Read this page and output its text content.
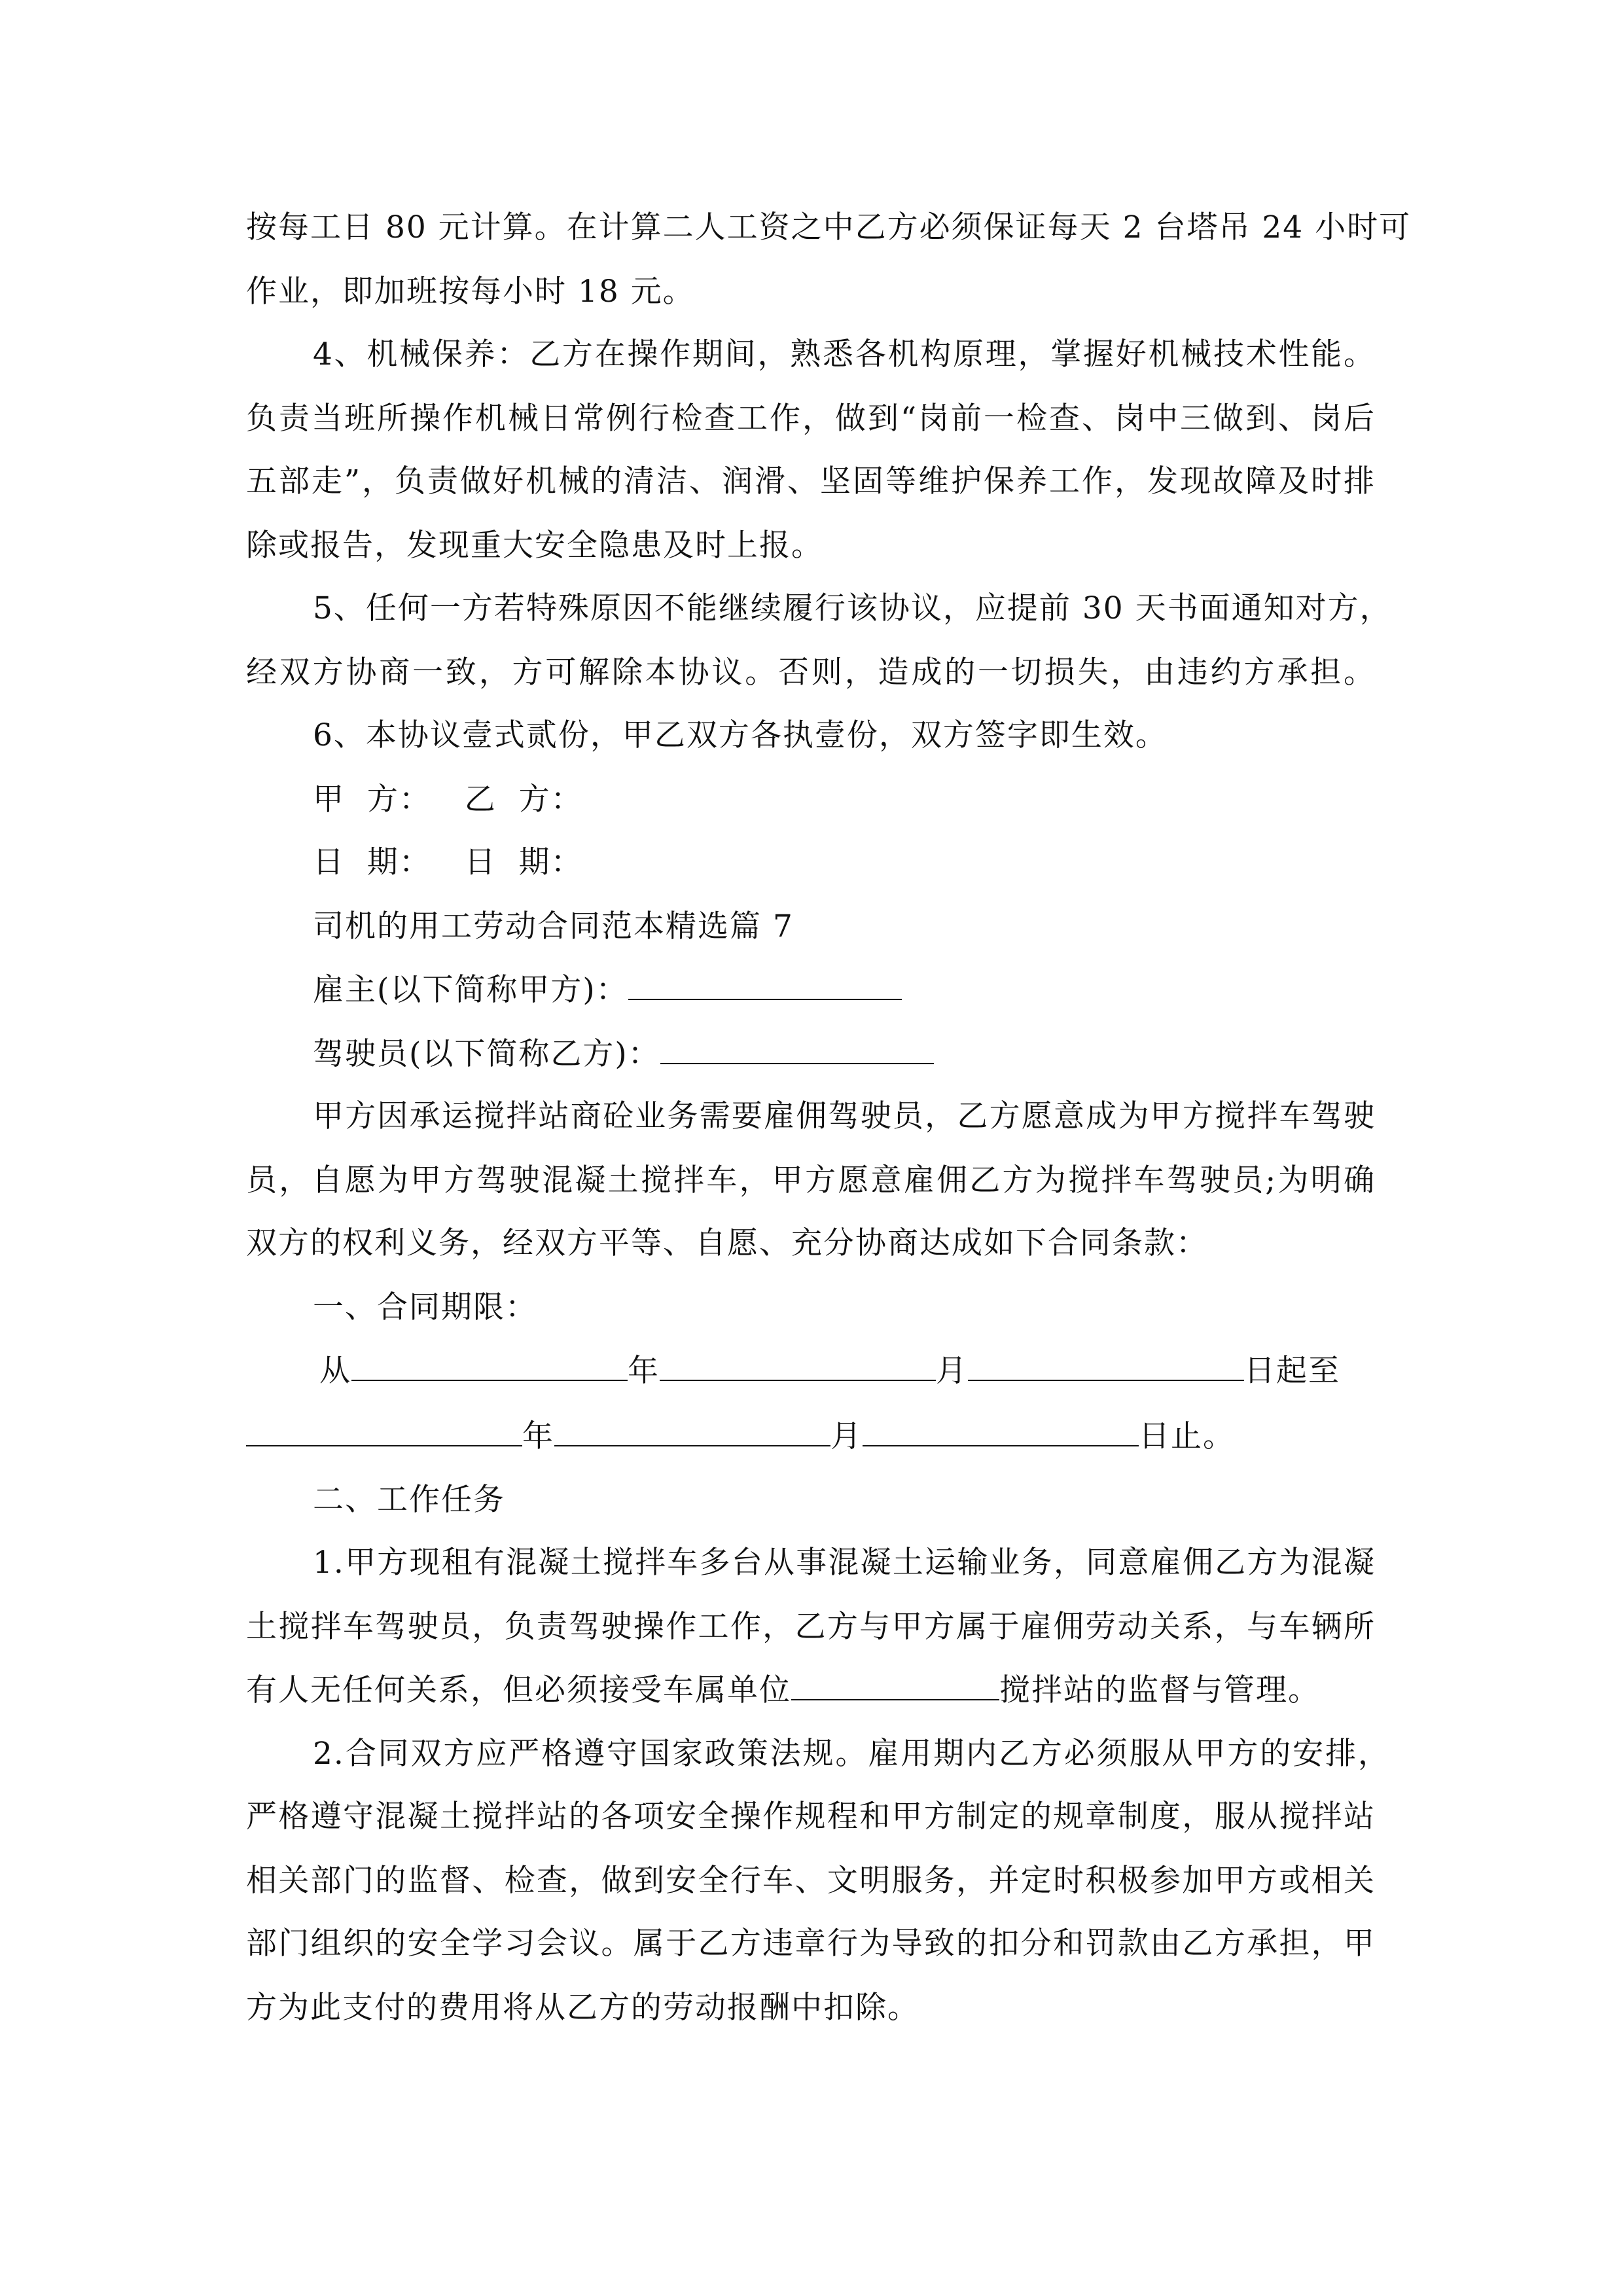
按每工日 80 元计算。在计算二人工资之中乙方必须保证每天 2 台塔吊 24 小时可
作业，即加班按每小时 18 元。
4、机械保养：乙方在操作期间，熟悉各机构原理，掌握好机械技术性能。
负责当班所操作机械日常例行检查工作，做到“岗前一检查、岗中三做到、岗后
五部走”，负责做好机械的清洁、润滑、坚固等维护保养工作，发现故障及时排
除或报告，发现重大安全隐患及时上报。
5、任何一方若特殊原因不能继续履行该协议，应提前 30 天书面通知对方，
经双方协商一致，方可解除本协议。否则，造成的一切损失，由违约方承担。
6、本协议壹式贰份，甲乙双方各执壹份，双方签字即生效。
甲  方：   乙  方：
日  期：   日  期：
司机的用工劳动合同范本精选篇 7
雇主(以下简称甲方)：
驾驶员(以下简称乙方)：
甲方因承运搅拌站商砼业务需要雇佣驾驶员，乙方愿意成为甲方搅拌车驾驶
员，自愿为甲方驾驶混凝土搅拌车，甲方愿意雇佣乙方为搅拌车驾驶员;为明确
双方的权利义务，经双方平等、自愿、充分协商达成如下合同条款：
一、合同期限：
从	年	月	日起至
年	月	日止。
二、工作任务
1.甲方现租有混凝土搅拌车多台从事混凝土运输业务，同意雇佣乙方为混凝
土搅拌车驾驶员，负责驾驶操作工作，乙方与甲方属于雇佣劳动关系，与车辆所
有人无任何关系，但必须接受车属单位	搅拌站的监督与管理。
2.合同双方应严格遵守国家政策法规。雇用期内乙方必须服从甲方的安排，
严格遵守混凝土搅拌站的各项安全操作规程和甲方制定的规章制度，服从搅拌站
相关部门的监督、检查，做到安全行车、文明服务，并定时积极参加甲方或相关
部门组织的安全学习会议。属于乙方违章行为导致的扣分和罚款由乙方承担，甲
方为此支付的费用将从乙方的劳动报酬中扣除。
